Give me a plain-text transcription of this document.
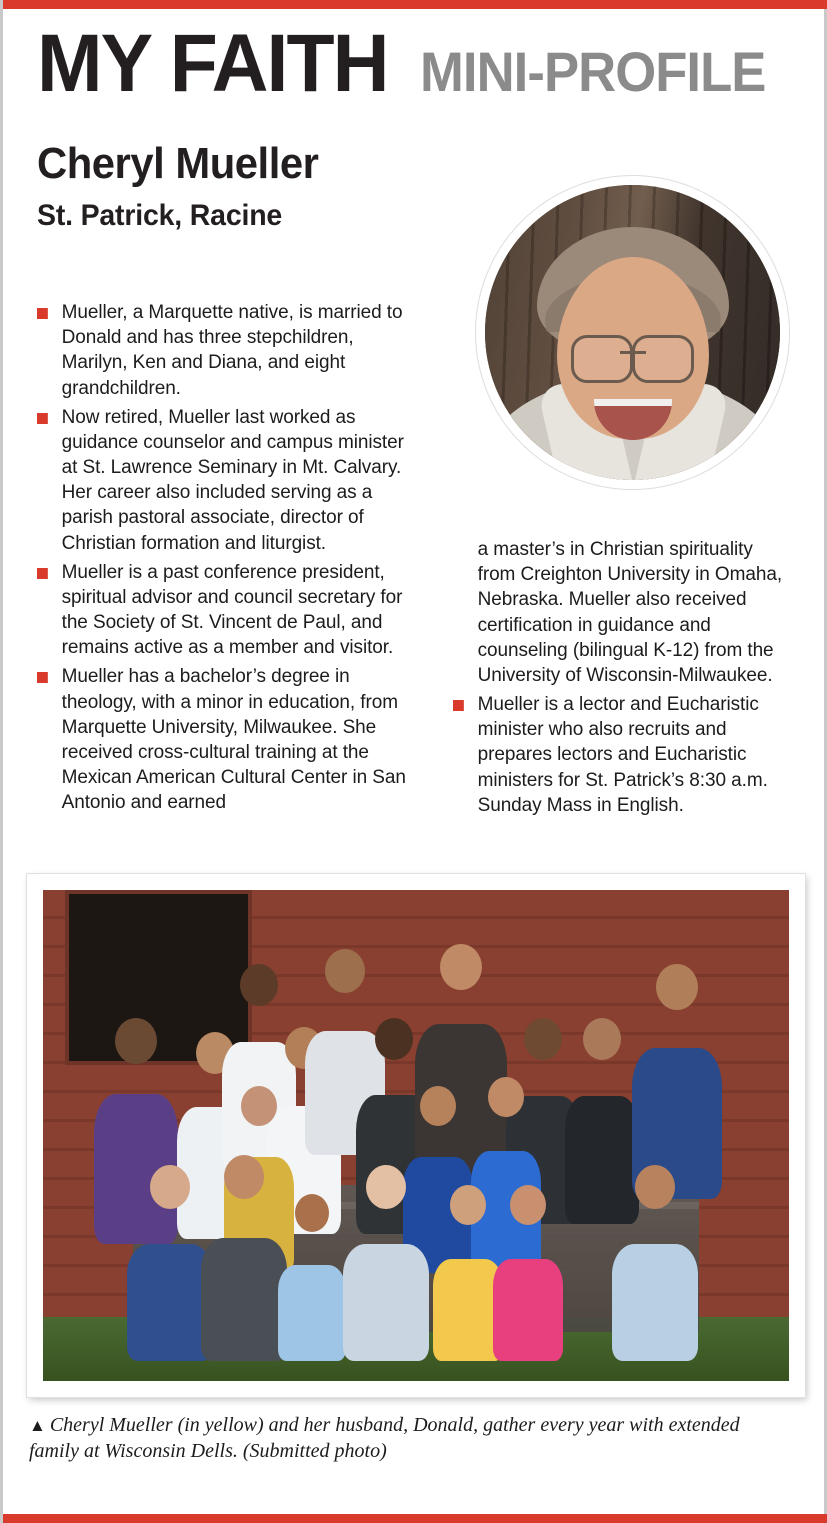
MY FAITH MINI-PROFILE
Cheryl Mueller
St. Patrick, Racine
Mueller, a Marquette native, is married to Donald and has three stepchildren, Marilyn, Ken and Diana, and eight grandchildren.
Now retired, Mueller last worked as guidance counselor and campus minister at St. Lawrence Seminary in Mt. Calvary. Her career also included serving as a parish pastoral associate, director of Christian formation and liturgist.
Mueller is a past conference president, spiritual advisor and council secretary for the Society of St. Vincent de Paul, and remains active as a member and visitor.
Mueller has a bachelor’s degree in theology, with a minor in education, from Marquette University, Milwaukee. She received cross-cultural training at the Mexican American Cultural Center in San Antonio and earned
a master’s in Christian spirituality from Creighton University in Omaha, Nebraska. Mueller also received certification in guidance and counseling (bilingual K-12) from the University of Wisconsin-Milwaukee.
Mueller is a lector and Eucharistic minister who also recruits and prepares lectors and Eucharistic ministers for St. Patrick’s 8:30 a.m. Sunday Mass in English.
▲ Cheryl Mueller (in yellow) and her husband, Donald, gather every year with extended family at Wisconsin Dells. (Submitted photo)
